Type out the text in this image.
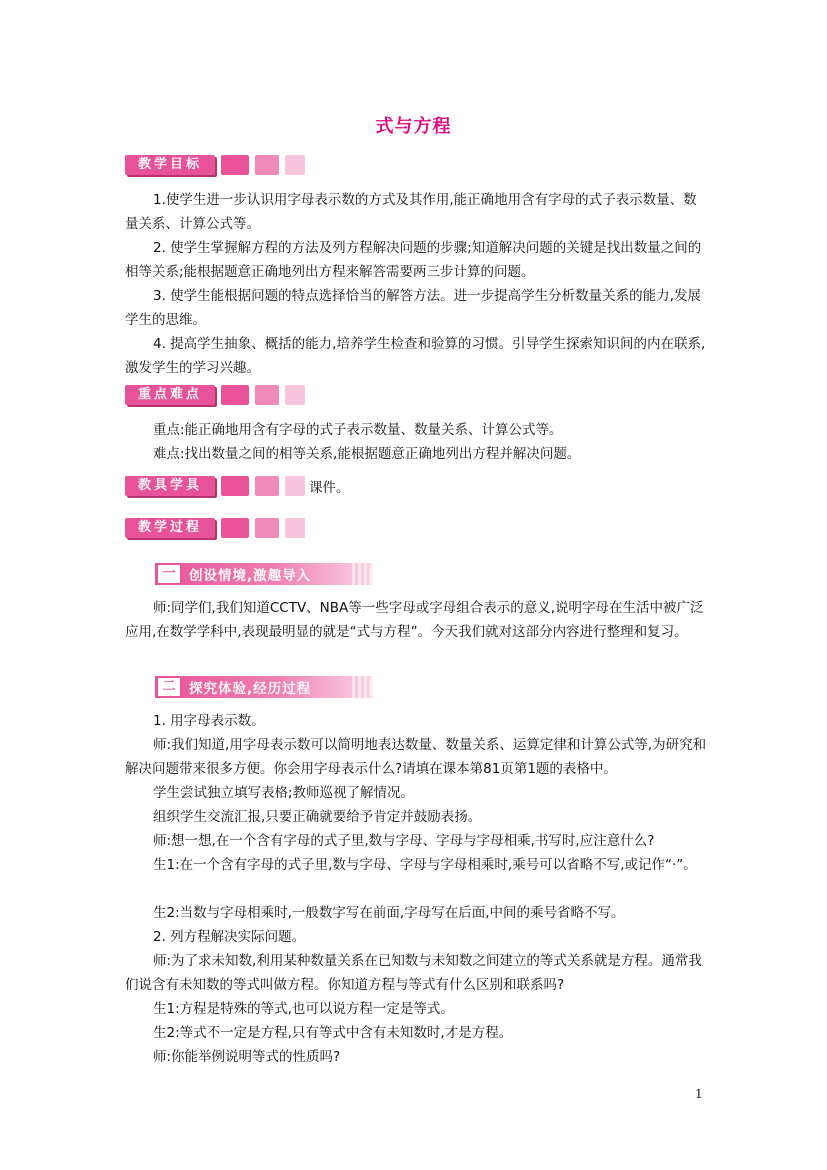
式与方程
教学目标

1.使学生进一步认识用字母表示数的方式及其作用,能正确地用含有字母的式子表示数量、数量关系、计算公式等。

2. 使学生掌握解方程的方法及列方程解决问题的步骤;知道解决问题的关键是找出数量之间的相等关系;能根据题意正确地列出方程来解答需要两三步计算的问题。

3. 使学生能根据问题的特点选择恰当的解答方法。进一步提高学生分析数量关系的能力,发展学生的思维。

4. 提高学生抽象、概括的能力,培养学生检查和验算的习惯。引导学生探索知识间的内在联系,激发学生的学习兴趣。

重点难点

重点:能正确地用含有字母的式子表示数量、数量关系、计算公式等。

难点:找出数量之间的相等关系,能根据题意正确地列出方程并解决问题。

教具学具	课件。
教学过程
一	创设情境,激趣导入

师:同学们,我们知道CCTV、NBA等一些字母或字母组合表示的意义,说明字母在生活中被广泛应用,在数学学科中,表现最明显的就是“式与方程”。今天我们就对这部分内容进行整理和复习。

二	探究体验,经历过程

1. 用字母表示数。

师:我们知道,用字母表示数可以简明地表达数量、数量关系、运算定律和计算公式等,为研究和解决问题带来很多方便。你会用字母表示什么?请填在课本第81页第1题的表格中。

学生尝试独立填写表格;教师巡视了解情况。

组织学生交流汇报,只要正确就要给予肯定并鼓励表扬。

师:想一想,在一个含有字母的式子里,数与字母、字母与字母相乘,书写时,应注意什么?

生1:在一个含有字母的式子里,数与字母、字母与字母相乘时,乘号可以省略不写,或记作“·”。

生2:当数与字母相乘时,一般数字写在前面,字母写在后面,中间的乘号省略不写。

2. 列方程解决实际问题。

师:为了求未知数,利用某种数量关系在已知数与未知数之间建立的等式关系就是方程。通常我们说含有未知数的等式叫做方程。你知道方程与等式有什么区别和联系吗?

生1:方程是特殊的等式,也可以说方程一定是等式。

生2:等式不一定是方程,只有等式中含有未知数时,才是方程。

师:你能举例说明等式的性质吗?

1
